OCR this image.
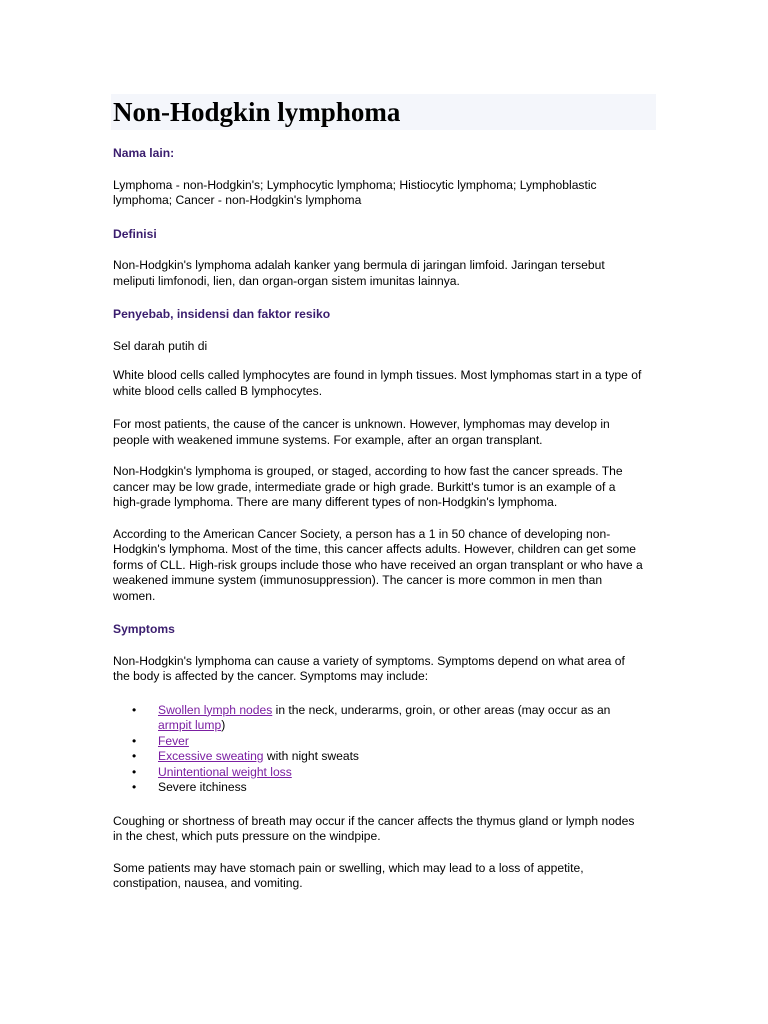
Non-Hodgkin lymphoma

Nama lain:

Lymphoma - non-Hodgkin's; Lymphocytic lymphoma; Histiocytic lymphoma; Lymphoblastic lymphoma; Cancer - non-Hodgkin's lymphoma

Definisi

Non-Hodgkin's lymphoma adalah kanker yang bermula di jaringan limfoid. Jaringan tersebut meliputi limfonodi, lien, dan organ-organ sistem imunitas lainnya.

Penyebab, insidensi dan faktor resiko

Sel darah putih di

White blood cells called lymphocytes are found in lymph tissues. Most lymphomas start in a type of white blood cells called B lymphocytes.

For most patients, the cause of the cancer is unknown. However, lymphomas may develop in people with weakened immune systems. For example, after an organ transplant.

Non-Hodgkin's lymphoma is grouped, or staged, according to how fast the cancer spreads. The cancer may be low grade, intermediate grade or high grade. Burkitt's tumor is an example of a high-grade lymphoma. There are many different types of non-Hodgkin's lymphoma.

According to the American Cancer Society, a person has a 1 in 50 chance of developing non-Hodgkin's lymphoma. Most of the time, this cancer affects adults. However, children can get some forms of CLL. High-risk groups include those who have received an organ transplant or who have a weakened immune system (immunosuppression). The cancer is more common in men than women.

Symptoms

Non-Hodgkin's lymphoma can cause a variety of symptoms. Symptoms depend on what area of the body is affected by the cancer. Symptoms may include:

• Swollen lymph nodes in the neck, underarms, groin, or other areas (may occur as an armpit lump)
• Fever
• Excessive sweating with night sweats
• Unintentional weight loss
• Severe itchiness

Coughing or shortness of breath may occur if the cancer affects the thymus gland or lymph nodes in the chest, which puts pressure on the windpipe.

Some patients may have stomach pain or swelling, which may lead to a loss of appetite, constipation, nausea, and vomiting.
